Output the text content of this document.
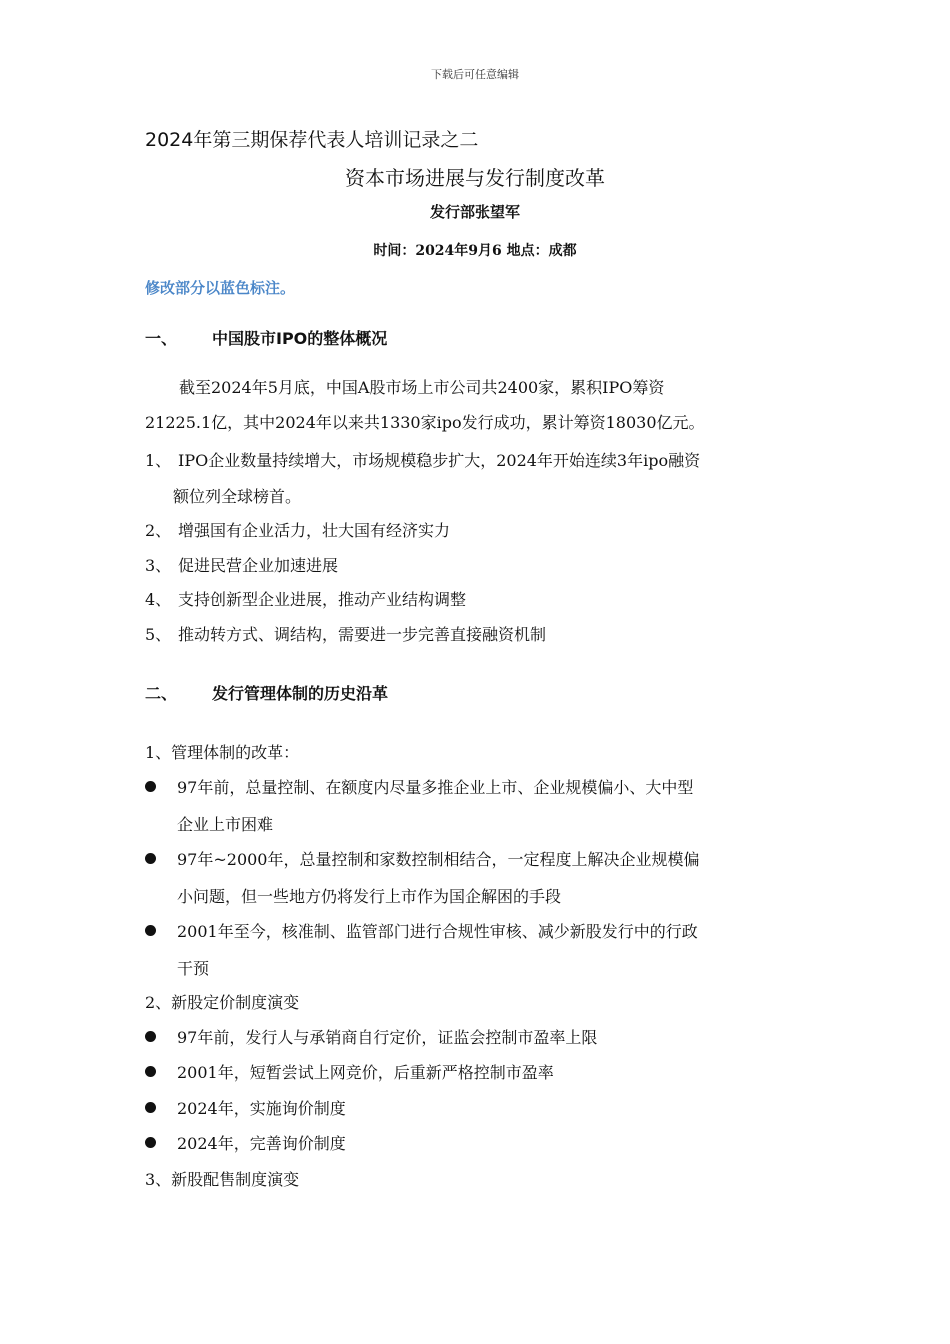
下载后可任意编辑
2024年第三期保荐代表人培训记录之二
资本市场进展与发行制度改革
发行部张望军
时间：2024年9月6 地点：成都
修改部分以蓝色标注。
一、 中国股市IPO的整体概况
截至2024年5月底，中国A股市场上市公司共2400家，累积IPO筹资
21225.1亿，其中2024年以来共1330家ipo发行成功，累计筹资18030亿元。
1、 IPO企业数量持续增大，市场规模稳步扩大，2024年开始连续3年ipo融资
额位列全球榜首。
2、 增强国有企业活力，壮大国有经济实力
3、 促进民营企业加速进展
4、 支持创新型企业进展，推动产业结构调整
5、 推动转方式、调结构，需要进一步完善直接融资机制
二、 发行管理体制的历史沿革
1、管理体制的改革：
97年前，总量控制、在额度内尽量多推企业上市、企业规模偏小、大中型
企业上市困难
97年~2000年，总量控制和家数控制相结合，一定程度上解决企业规模偏
小问题，但一些地方仍将发行上市作为国企解困的手段
2001年至今，核准制、监管部门进行合规性审核、减少新股发行中的行政
干预
2、新股定价制度演变
97年前，发行人与承销商自行定价，证监会控制市盈率上限
2001年，短暂尝试上网竞价，后重新严格控制市盈率
2024年，实施询价制度
2024年，完善询价制度
3、新股配售制度演变
